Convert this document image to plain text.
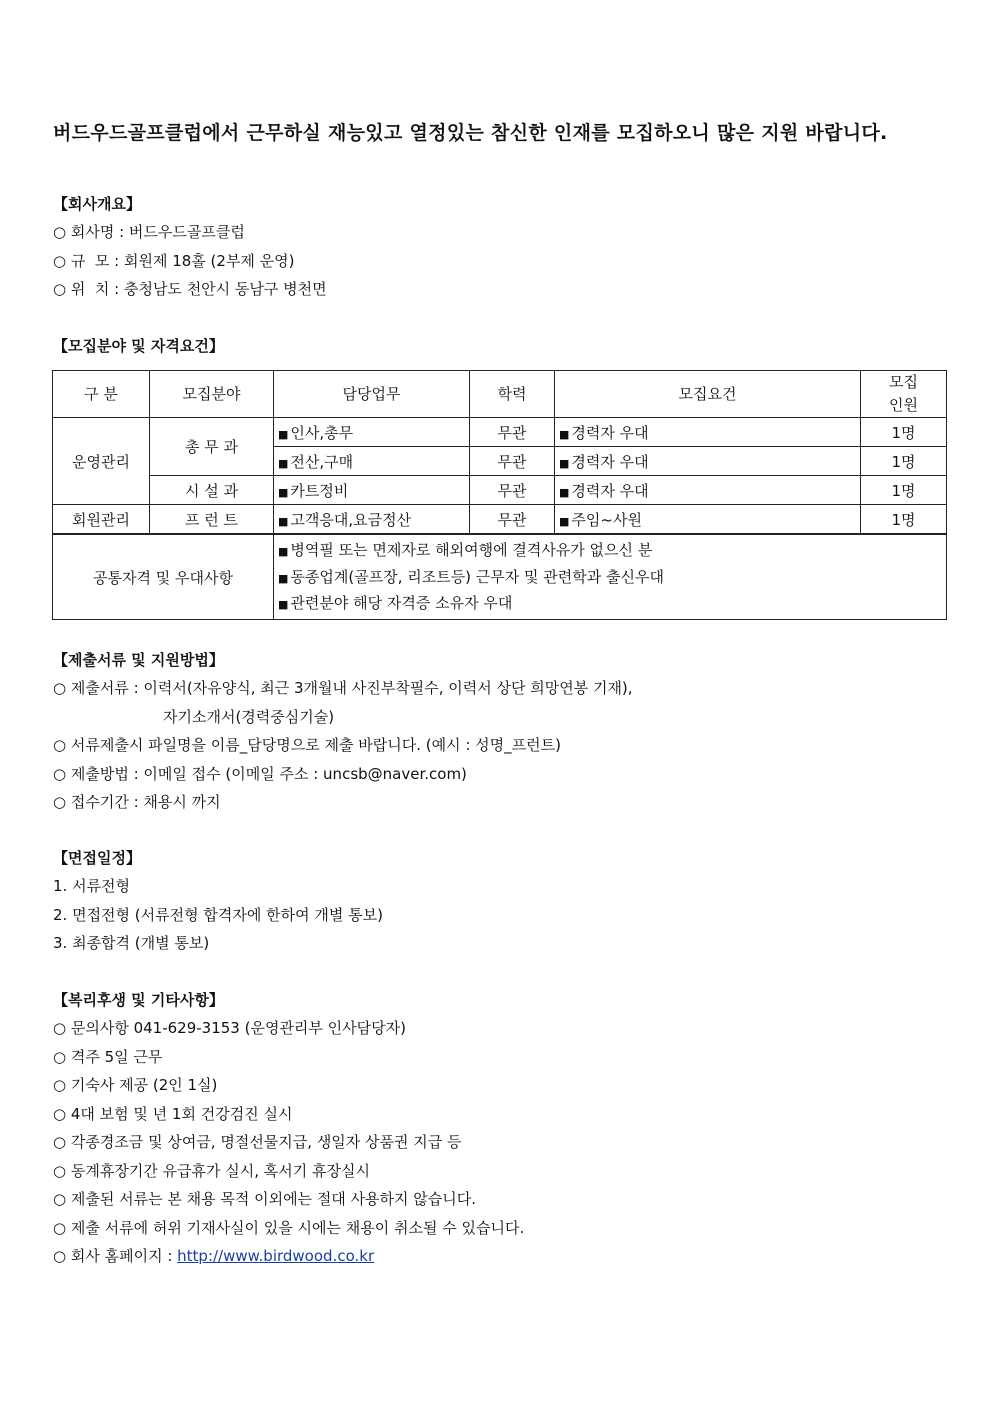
버드우드골프클럽에서 근무하실 재능있고 열정있는 참신한 인재를 모집하오니 많은 지원 바랍니다.
【회사개요】
○ 회사명 : 버드우드골프클럽
○ 규  모 : 회원제 18홀 (2부제 운영)
○ 위  치 : 충청남도 천안시 동남구 병천면
【모집분야 및 자격요건】
구 분	모집분야	담당업무	학력	모집요건	모집
인원

운영관리	총 무 과	■ 인사,총무	무관	■ 경력자 우대	1명
		■ 전산,구매	무관	■ 경력자 우대	1명
	시 설 과	■ 카트정비	무관	■ 경력자 우대	1명
회원관리	프 런 트	■ 고객응대,요금정산	무관	■ 주임~사원	1명
공통자격 및 우대사항		■ 병역필 또는 면제자로 해외여행에 결격사유가 없으신 분
■ 동종업계(골프장, 리조트등) 근무자 및 관련학과 출신우대
■ 관련분야 해당 자격증 소유자 우대			
【제출서류 및 지원방법】
○ 제출서류 : 이력서(자유양식, 최근 3개월내 사진부착필수, 이력서 상단 희망연봉 기재),
자기소개서(경력중심기술)
○ 서류제출시 파일명을 이름_담당명으로 제출 바랍니다. (예시 : 성명_프런트)
○ 제출방법 : 이메일 접수 (이메일 주소 : uncsb@naver.com)
○ 접수기간 : 채용시 까지
【면접일정】
1. 서류전형
2. 면접전형 (서류전형 합격자에 한하여 개별 통보)
3. 최종합격 (개별 통보)
【복리후생 및 기타사항】
○ 문의사항 041-629-3153 (운영관리부 인사담당자)
○ 격주 5일 근무
○ 기숙사 제공 (2인 1실)
○ 4대 보험 및 년 1회 건강검진 실시
○ 각종경조금 및 상여금, 명절선물지급, 생일자 상품권 지급 등
○ 동계휴장기간 유급휴가 실시, 혹서기 휴장실시
○ 제출된 서류는 본 채용 목적 이외에는 절대 사용하지 않습니다.
○ 제출 서류에 허위 기재사실이 있을 시에는 채용이 취소될 수 있습니다.
○ 회사 홈페이지 : http://www.birdwood.co.kr
